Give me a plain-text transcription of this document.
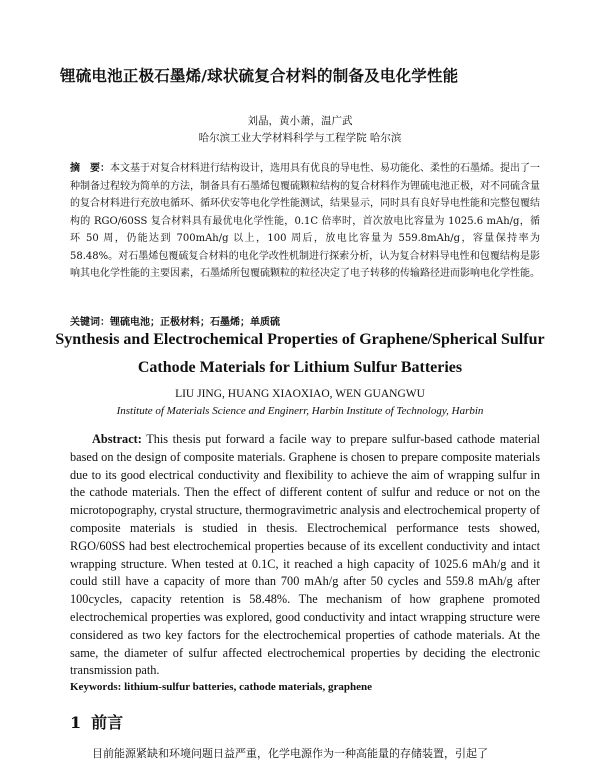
锂硫电池正极石墨烯/球状硫复合材料的制备及电化学性能
刘晶，黄小萧，温广武
哈尔滨工业大学材料科学与工程学院 哈尔滨
摘　要：本文基于对复合材料进行结构设计，选用具有优良的导电性、易功能化、柔性的石墨烯。提出了一种制备过程较为简单的方法，制备具有石墨烯包覆硫颗粒结构的复合材料作为锂硫电池正极，对不同硫含量的复合材料进行充放电循环、循环伏安等电化学性能测试，结果显示，同时具有良好导电性能和完整包覆结构的 RGO/60SS 复合材料具有最优电化学性能，0.1C 倍率时，首次放电比容量为 1025.6 mAh/g，循环 50 周，仍能达到 700mAh/g 以上，100 周后，放电比容量为 559.8mAh/g，容量保持率为 58.48%。对石墨烯包覆硫复合材料的电化学改性机制进行探索分析，认为复合材料导电性和包覆结构是影响其电化学性能的主要因素，石墨烯所包覆硫颗粒的粒径决定了电子转移的传输路径进而影响电化学性能。
关键词：锂硫电池；正极材料；石墨烯；单质硫
Synthesis and Electrochemical Properties of Graphene/Spherical Sulfur
Cathode Materials for Lithium Sulfur Batteries
LIU JING, HUANG XIAOXIAO, WEN GUANGWU
Institute of Materials Science and Enginerr, Harbin Institute of Technology, Harbin
Abstract: This thesis put forward a facile way to prepare sulfur-based cathode material based on the design of composite materials. Graphene is chosen to prepare composite materials due to its good electrical conductivity and flexibility to achieve the aim of wrapping sulfur in the cathode materials. Then the effect of different content of sulfur and reduce or not on the microtopography, crystal structure, thermogravimetric analysis and electrochemical property of composite materials is studied in thesis. Electrochemical performance tests showed, RGO/60SS had best electrochemical properties because of its excellent conductivity and intact wrapping structure. When tested at 0.1C, it reached a high capacity of 1025.6 mAh/g and it could still have a capacity of more than 700 mAh/g after 50 cycles and 559.8 mAh/g after 100cycles, capacity retention is 58.48%. The mechanism of how graphene promoted electrochemical properties was explored, good conductivity and intact wrapping structure were considered as two key factors for the electrochemical properties of cathode materials. At the same, the diameter of sulfur affected electrochemical properties by deciding the electronic transmission path.
Keywords: lithium-sulfur batteries, cathode materials, graphene
1 前言
目前能源紧缺和环境问题日益严重，化学电源作为一种高能量的存储装置，引起了
